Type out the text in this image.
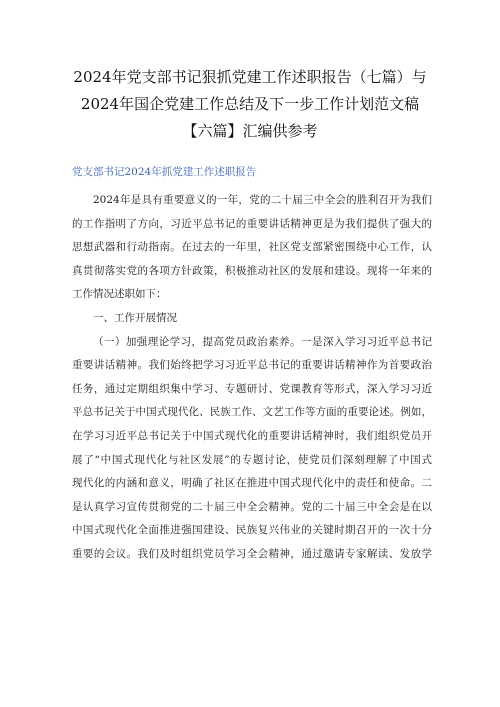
2024年党支部书记狠抓党建工作述职报告（七篇）与
2024年国企党建工作总结及下一步工作计划范文稿
【六篇】汇编供参考
党支部书记2024年抓党建工作述职报告
2024年是具有重要意义的一年，党的二十届三中全会的胜利召开为我们
的工作指明了方向，习近平总书记的重要讲话精神更是为我们提供了强大的
思想武器和行动指南。在过去的一年里，社区党支部紧密围绕中心工作，认
真贯彻落实党的各项方针政策，积极推动社区的发展和建设。现将一年来的
工作情况述职如下：
一、工作开展情况
（一）加强理论学习，提高党员政治素养。一是深入学习习近平总书记
重要讲话精神。我们始终把学习习近平总书记的重要讲话精神作为首要政治
任务，通过定期组织集中学习、专题研讨、党课教育等形式，深入学习习近
平总书记关于中国式现代化、民族工作、文艺工作等方面的重要论述。例如，
在学习习近平总书记关于中国式现代化的重要讲话精神时，我们组织党员开
展了“中国式现代化与社区发展”的专题讨论，使党员们深刻理解了中国式
现代化的内涵和意义，明确了社区在推进中国式现代化中的责任和使命。二
是认真学习宣传贯彻党的二十届三中全会精神。党的二十届三中全会是在以
中国式现代化全面推进强国建设、民族复兴伟业的关键时期召开的一次十分
重要的会议。我们及时组织党员学习全会精神，通过邀请专家解读、发放学
